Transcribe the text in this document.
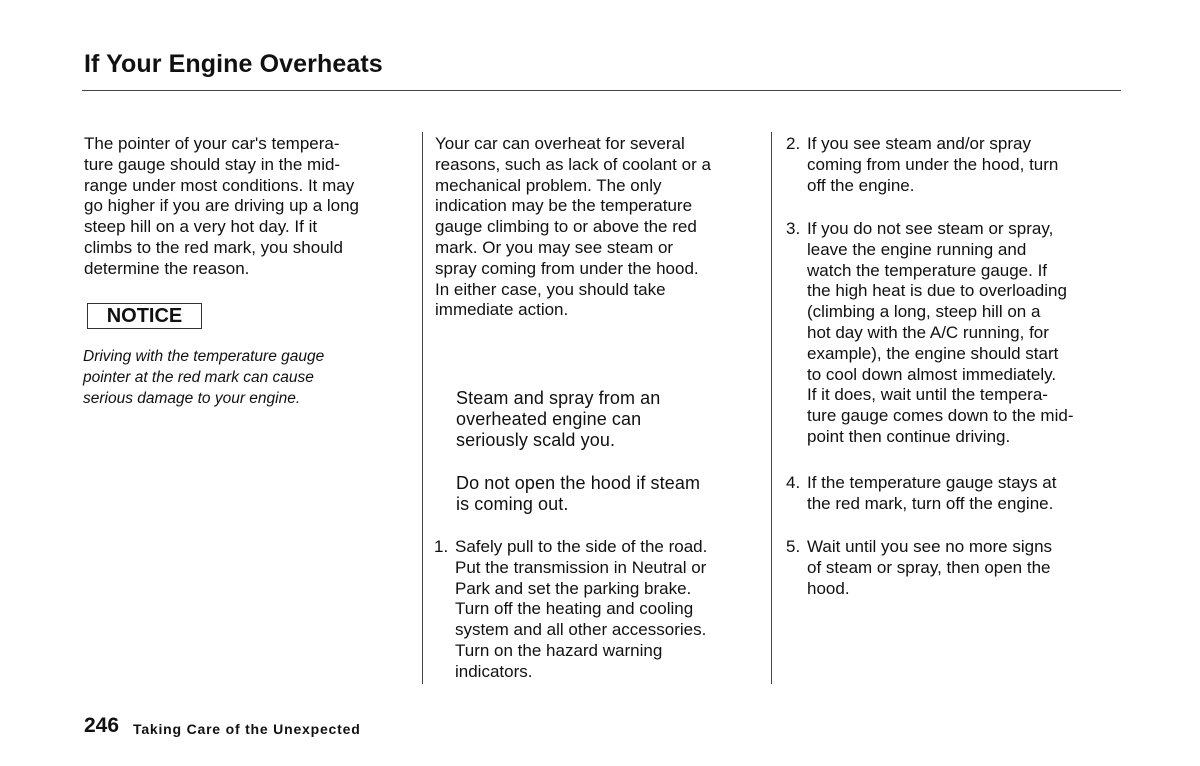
If Your Engine Overheats
The pointer of your car's tempera-
ture gauge should stay in the mid-
range under most conditions. It may
go higher if you are driving up a long
steep hill on a very hot day. If it
climbs to the red mark, you should
determine the reason.
NOTICE
Driving with the temperature gauge
pointer at the red mark can cause
serious damage to your engine.
Your car can overheat for several
reasons, such as lack of coolant or a
mechanical problem. The only
indication may be the temperature
gauge climbing to or above the red
mark. Or you may see steam or
spray coming from under the hood.
In either case, you should take
immediate action.
Steam and spray from an
overheated engine can
seriously scald you.
Do not open the hood if steam
is coming out.
1. Safely pull to the side of the road.
Put the transmission in Neutral or
Park and set the parking brake.
Turn off the heating and cooling
system and all other accessories.
Turn on the hazard warning
indicators.
2. If you see steam and/or spray
coming from under the hood, turn
off the engine.
3. If you do not see steam or spray,
leave the engine running and
watch the temperature gauge. If
the high heat is due to overloading
(climbing a long, steep hill on a
hot day with the A/C running, for
example), the engine should start
to cool down almost immediately.
If it does, wait until the tempera-
ture gauge comes down to the mid-
point then continue driving.
4. If the temperature gauge stays at
the red mark, turn off the engine.
5. Wait until you see no more signs
of steam or spray, then open the
hood.
246 Taking Care of the Unexpected
